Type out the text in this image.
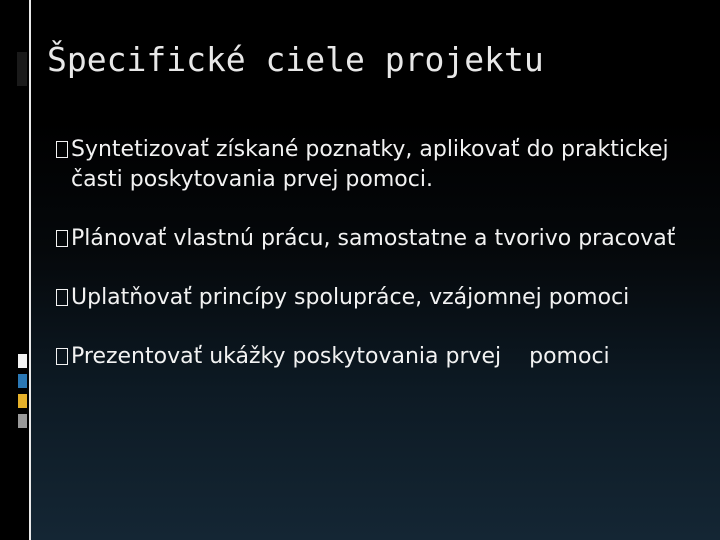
Špecifické ciele projektu
Syntetizovať získané poznatky, aplikovať do praktickej časti poskytovania prvej pomoci.
Plánovať vlastnú prácu, samostatne a tvorivo pracovať
Uplatňovať princípy spolupráce, vzájomnej pomoci
Prezentovať ukážky poskytovania prvej    pomoci
